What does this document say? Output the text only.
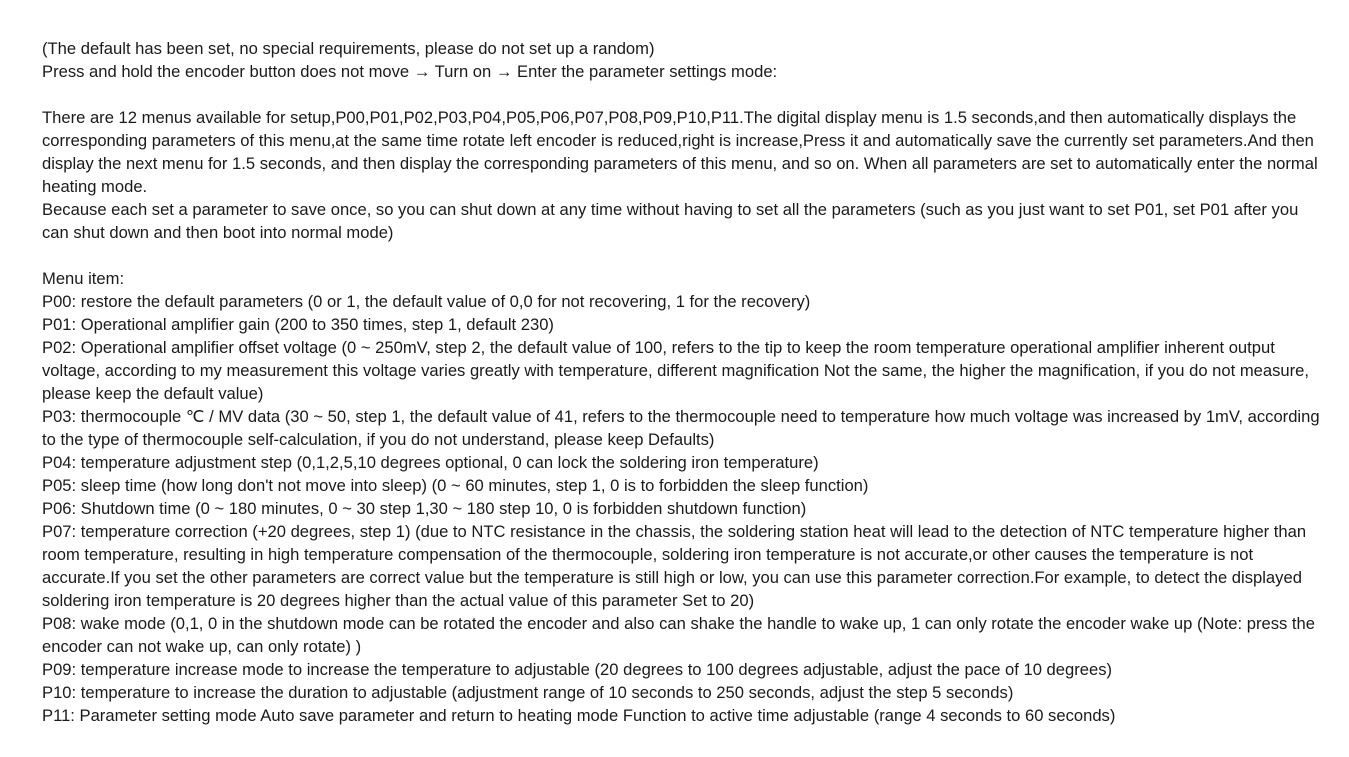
(The default has been set, no special requirements, please do not set up a random)
Press and hold the encoder button does not move → Turn on → Enter the parameter settings mode:
There are 12 menus available for setup,P00,P01,P02,P03,P04,P05,P06,P07,P08,P09,P10,P11.The digital display menu is 1.5 seconds,and then automatically displays the corresponding parameters of this menu,at the same time rotate left encoder is reduced,right is increase,Press it and automatically save the currently set parameters.And then display the next menu for 1.5 seconds, and then display the corresponding parameters of this menu, and so on. When all parameters are set to automatically enter the normal heating mode.
Because each set a parameter to save once, so you can shut down at any time without having to set all the parameters (such as you just want to set P01, set P01 after you can shut down and then boot into normal mode)
Menu item:
P00: restore the default parameters (0 or 1, the default value of 0,0 for not recovering, 1 for the recovery)
P01: Operational amplifier gain (200 to 350 times, step 1, default 230)
P02: Operational amplifier offset voltage (0 ~ 250mV, step 2, the default value of 100, refers to the tip to keep the room temperature operational amplifier inherent output voltage, according to my measurement this voltage varies greatly with temperature, different magnification Not the same, the higher the magnification, if you do not measure, please keep the default value)
P03: thermocouple ℃ / MV data (30 ~ 50, step 1, the default value of 41, refers to the thermocouple need to temperature how much voltage was increased by 1mV, according to the type of thermocouple self-calculation, if you do not understand, please keep Defaults)
P04: temperature adjustment step (0,1,2,5,10 degrees optional, 0 can lock the soldering iron temperature)
P05: sleep time (how long don't not move into sleep) (0 ~ 60 minutes, step 1, 0 is to forbidden the sleep function)
P06: Shutdown time (0 ~ 180 minutes, 0 ~ 30 step 1,30 ~ 180 step 10, 0 is forbidden shutdown function)
P07: temperature correction (+20 degrees, step 1) (due to NTC resistance in the chassis, the soldering station heat will lead to the detection of NTC temperature higher than room temperature, resulting in high temperature compensation of the thermocouple, soldering iron temperature is not accurate,or other causes the temperature is not accurate.If you set the other parameters are correct value but the temperature is still high or low, you can use this parameter correction.For example, to detect the displayed soldering iron temperature is 20 degrees higher than the actual value of this parameter Set to 20)
P08: wake mode (0,1, 0 in the shutdown mode can be rotated the encoder and also can shake the handle to wake up, 1 can only rotate the encoder wake up (Note: press the encoder can not wake up, can only rotate) )
P09: temperature increase mode to increase the temperature to adjustable (20 degrees to 100 degrees adjustable, adjust the pace of 10 degrees)
P10: temperature to increase the duration to adjustable (adjustment range of 10 seconds to 250 seconds, adjust the step 5 seconds)
P11: Parameter setting mode Auto save parameter and return to heating mode Function to active time adjustable (range 4 seconds to 60 seconds)
